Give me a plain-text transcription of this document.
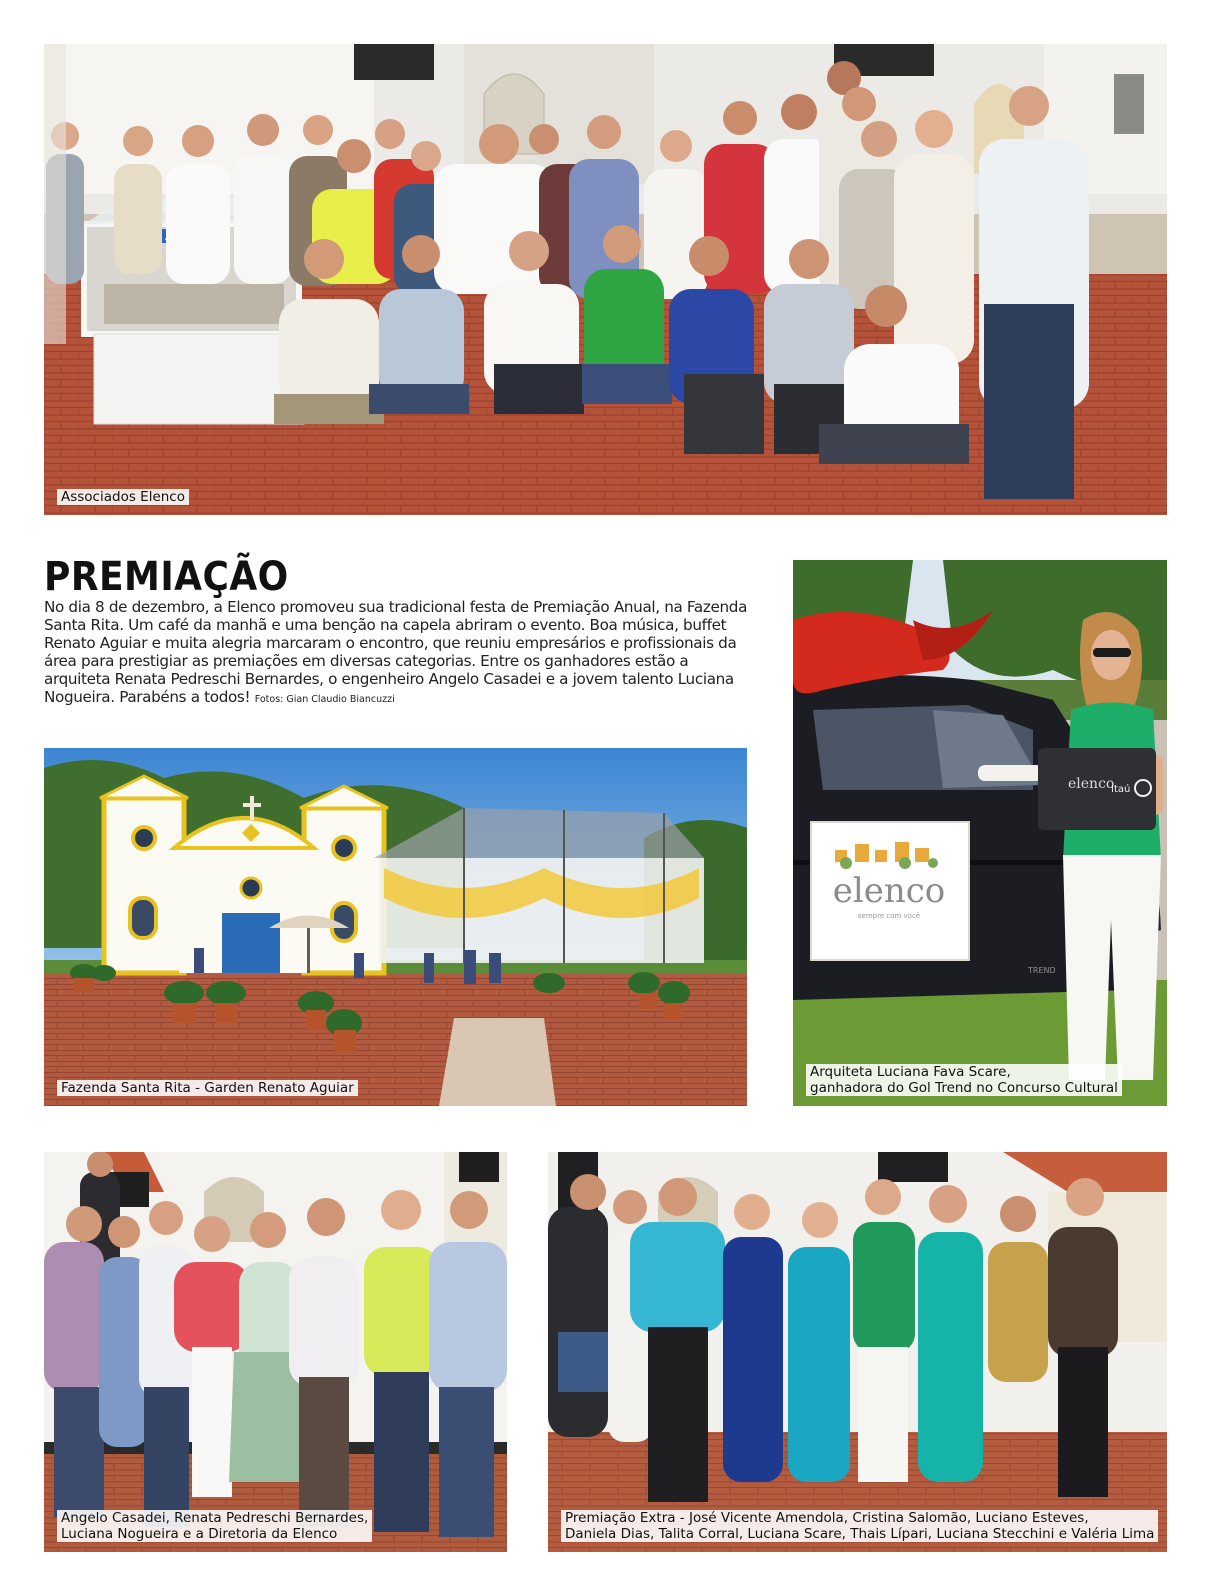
Associados Elenco
PREMIAÇÃO

No dia 8 de dezembro, a Elenco promoveu sua tradicional festa de Premiação Anual, na Fazenda Santa Rita. Um café da manhã e uma benção na capela abriram o evento. Boa música, buffet Renato Aguiar e muita alegria marcaram o encontro, que reuniu empresários e profissionais da área para prestigiar as premiações em diversas categorias. Entre os ganhadores estão a arquiteta Renata Pedreschi Bernardes, o engenheiro Angelo Casadei e a jovem talento Luciana Nogueira. Parabéns a todos! Fotos: Gian Claudio Biancuzzi

Fazenda Santa Rita - Garden Renato Aguiar
elenco
sempre com você
TREND
elenco
Itaú
Arquiteta Luciana Fava Scare,
ganhadora do Gol Trend no Concurso Cultural
Angelo Casadei, Renata Pedreschi Bernardes,
Luciana Nogueira e a Diretoria da Elenco
Premiação Extra - José Vicente Amendola, Cristina Salomão, Luciano Esteves,
Daniela Dias, Talita Corral, Luciana Scare, Thais Lípari, Luciana Stecchini e Valéria Lima
